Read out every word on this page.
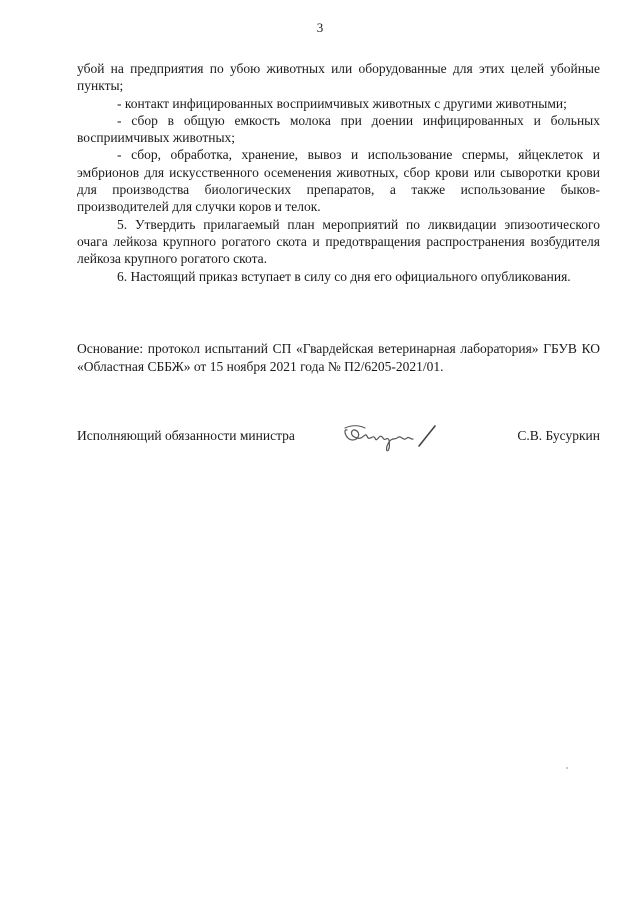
3

убой на предприятия по убою животных или оборудованные для этих целей убойные пункты;

- контакт инфицированных восприимчивых животных с другими животными;

- сбор в общую емкость молока при доении инфицированных и больных восприимчивых животных;

- сбор, обработка, хранение, вывоз и использование спермы, яйцеклеток и эмбрионов для искусственного осеменения животных, сбор крови или сыворотки крови для производства биологических препаратов, а также использование быков-производителей для случки коров и телок.

5. Утвердить прилагаемый план мероприятий по ликвидации эпизоотического очага лейкоза крупного рогатого скота и предотвращения распространения возбудителя лейкоза крупного рогатого скота.

6. Настоящий приказ вступает в силу со дня его официального опубликования.

Основание: протокол испытаний СП «Гвардейская ветеринарная лаборатория» ГБУВ КО «Областная СББЖ» от 15 ноября 2021 года № П2/6205-2021/01.

Исполняющий обязанности министра	С.В. Бусуркин
